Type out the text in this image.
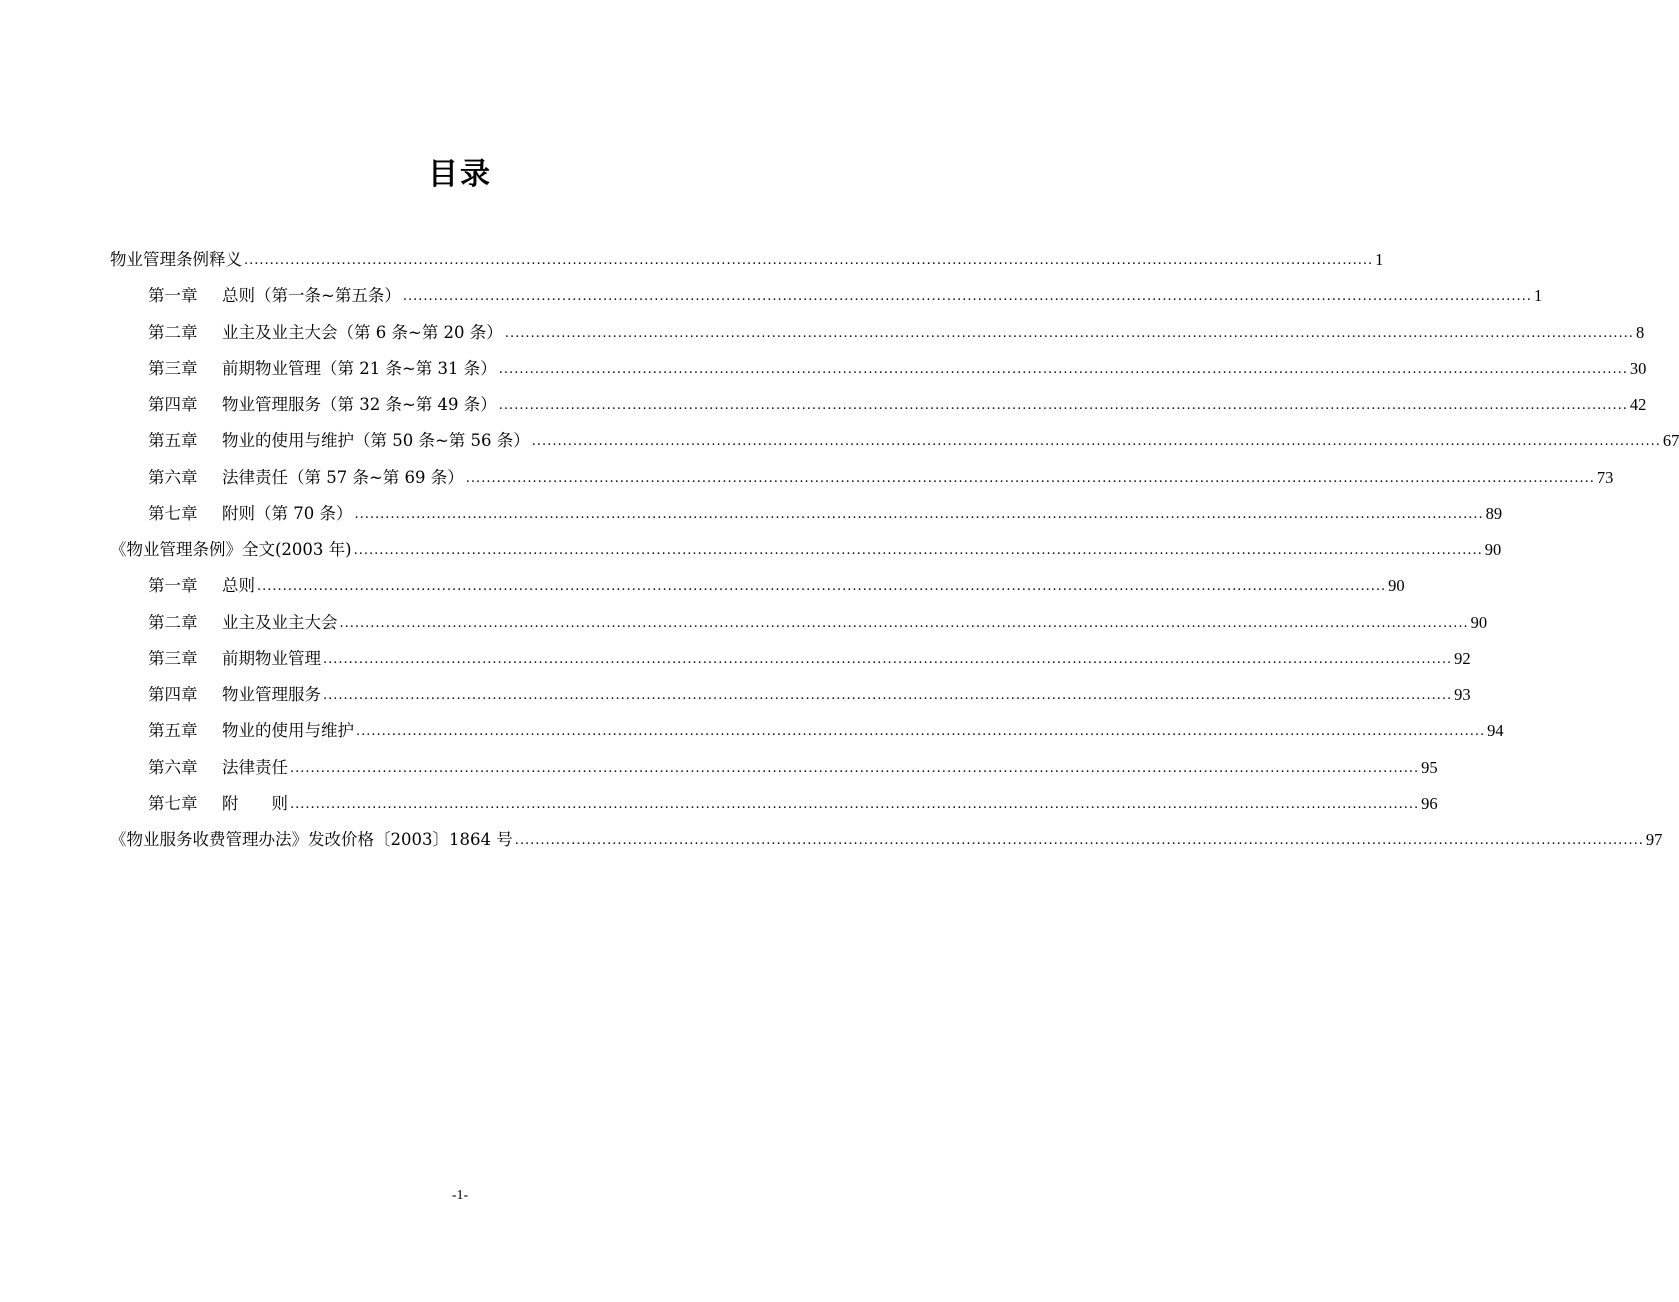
目录
物业管理条例释义 ............................................................................................................................................................................................................................ 1
第一章 总则（第一条~第五条） ............................................................................................................................................................................................................................ 1
第二章 业主及业主大会（第 6 条~第 20 条） ............................................................................................................................................................................................................................ 8
第三章 前期物业管理（第 21 条~第 31 条） ............................................................................................................................................................................................................................ 30
第四章 物业管理服务（第 32 条~第 49 条） ............................................................................................................................................................................................................................ 42
第五章 物业的使用与维护（第 50 条~第 56 条） ............................................................................................................................................................................................................................ 67
第六章 法律责任（第 57 条~第 69 条） ............................................................................................................................................................................................................................ 73
第七章 附则（第 70 条） ............................................................................................................................................................................................................................ 89
《物业管理条例》全文(2003 年) ............................................................................................................................................................................................................................ 90
第一章 总则 ............................................................................................................................................................................................................................ 90
第二章 业主及业主大会 ............................................................................................................................................................................................................................ 90
第三章 前期物业管理 ............................................................................................................................................................................................................................ 92
第四章 物业管理服务 ............................................................................................................................................................................................................................ 93
第五章 物业的使用与维护 ............................................................................................................................................................................................................................ 94
第六章 法律责任 ............................................................................................................................................................................................................................ 95
第七章 附　　则 ............................................................................................................................................................................................................................ 96
《物业服务收费管理办法》发改价格〔2003〕1864 号 ............................................................................................................................................................................................................................ 97
-1-
